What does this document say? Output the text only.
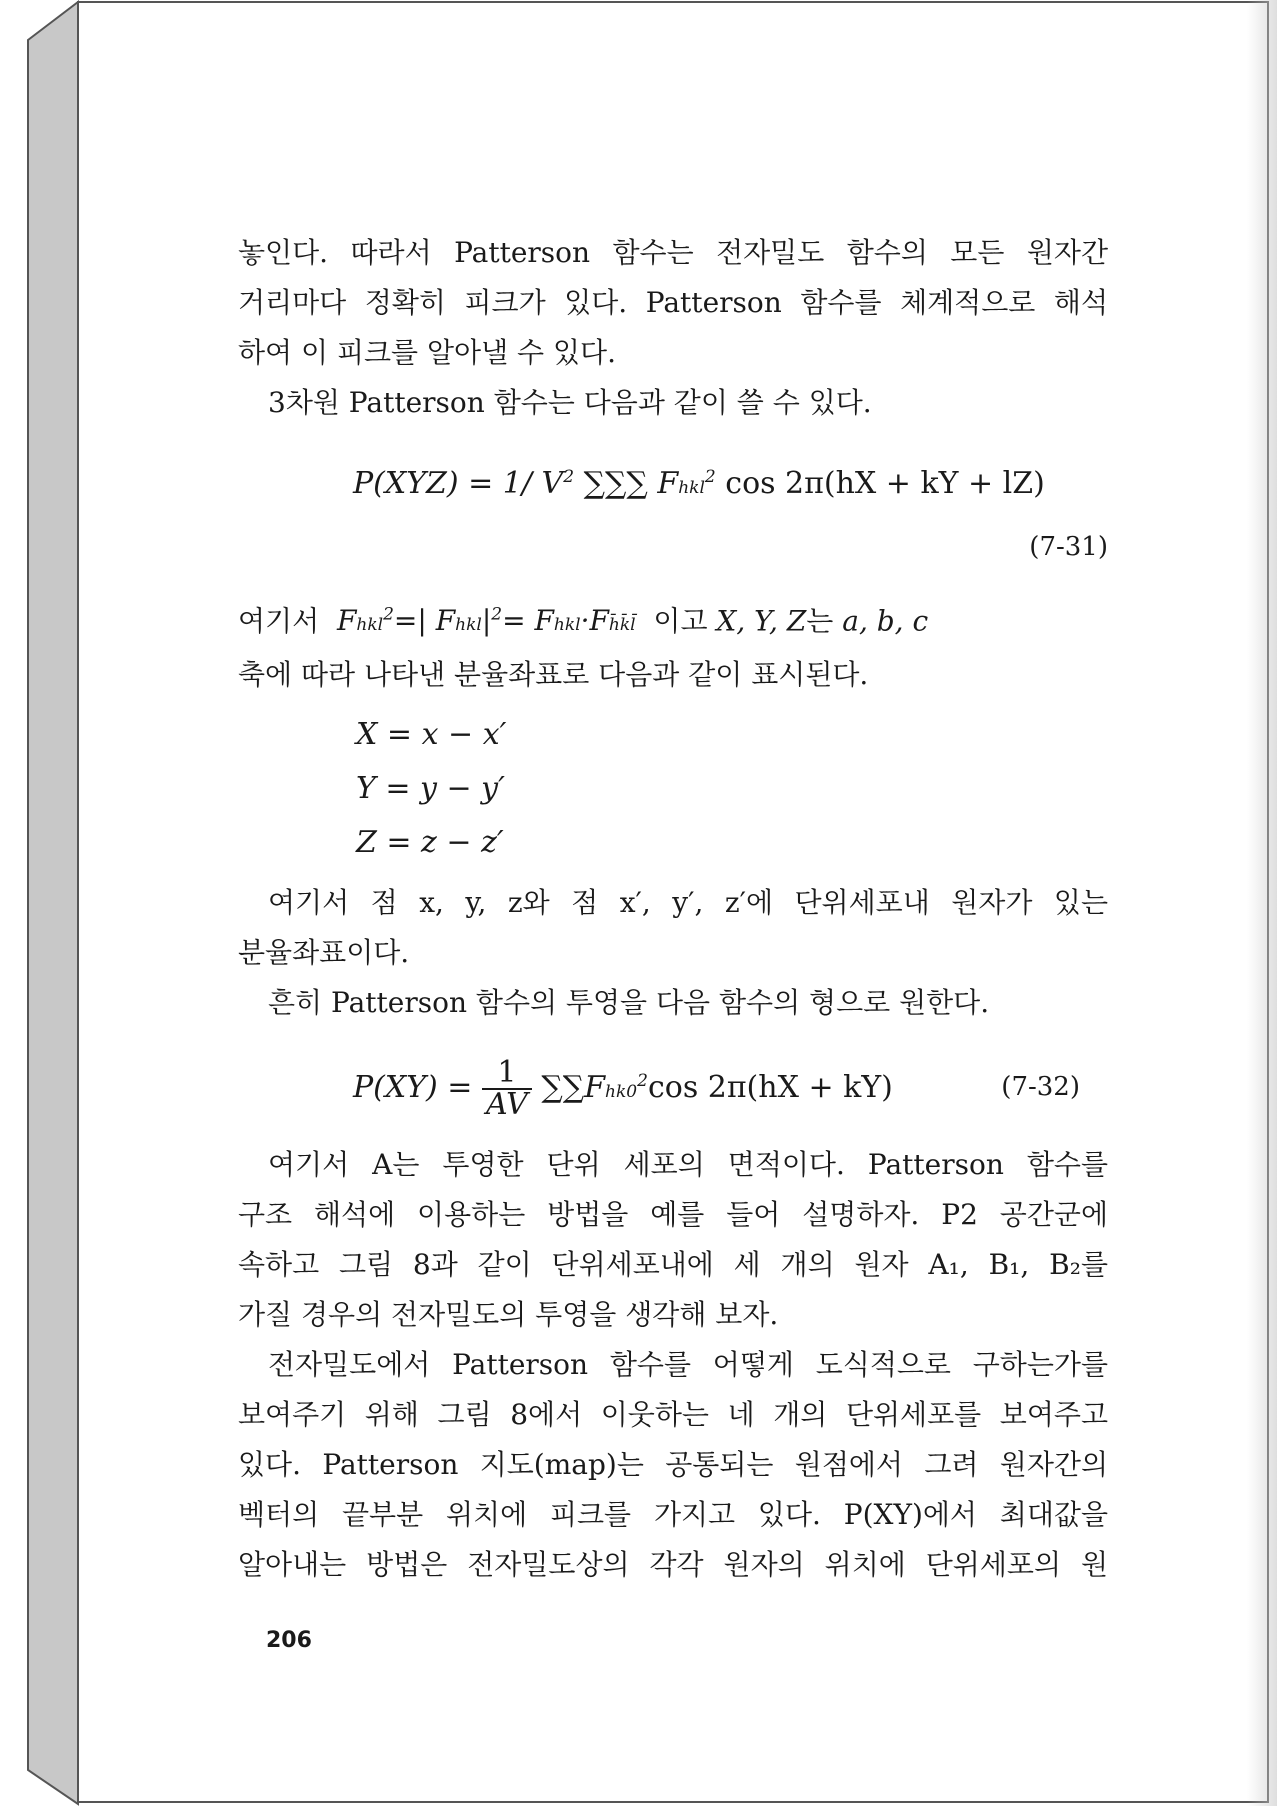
놓인다. 따라서 Patterson 함수는 전자밀도 함수의 모든 원자간

거리마다 정확히 피크가 있다. Patterson 함수를 체계적으로 해석

하여 이 피크를 알아낼 수 있다.

3차원 Patterson 함수는 다음과 같이 쓸 수 있다.

P(XYZ) = 1/ $V^2$ ∑∑∑ Fhkl$^2$ cos 2π(hX + kY + lZ)
(7-31)

여기서  Fhkl$^2$=| $Fhkl|^2=$ Fhkl·Fh̄k̄l̄ 이고 X, Y, Z는 a, b, c

축에 따라 나타낸 분율좌표로 다음과 같이 표시된다.

X = x − x′
Y = y − y′
Z = z − z′

여기서 점 x, y, z와 점 x′, y′, z′에 단위세포내 원자가 있는

분율좌표이다.

흔히 Patterson 함수의 투영을 다음 함수의 형으로 원한다.

$P(XY) = \frac{1}{AV} \sum\sum Fhk0^2\cos$ 2π(hX + kY)	(7-32)

여기서 A는 투영한 단위 세포의 면적이다. Patterson 함수를

구조 해석에 이용하는 방법을 예를 들어 설명하자. P2 공간군에

속하고 그림 8과 같이 단위세포내에 세 개의 원자 A₁, B₁, B₂를

가질 경우의 전자밀도의 투영을 생각해 보자.

전자밀도에서 Patterson 함수를 어떻게 도식적으로 구하는가를

보여주기 위해 그림 8에서 이웃하는 네 개의 단위세포를 보여주고

있다. Patterson 지도(map)는 공통되는 원점에서 그려 원자간의

벡터의 끝부분 위치에 피크를 가지고 있다. P(XY)에서 최대값을

알아내는 방법은 전자밀도상의 각각 원자의 위치에 단위세포의 원

206
